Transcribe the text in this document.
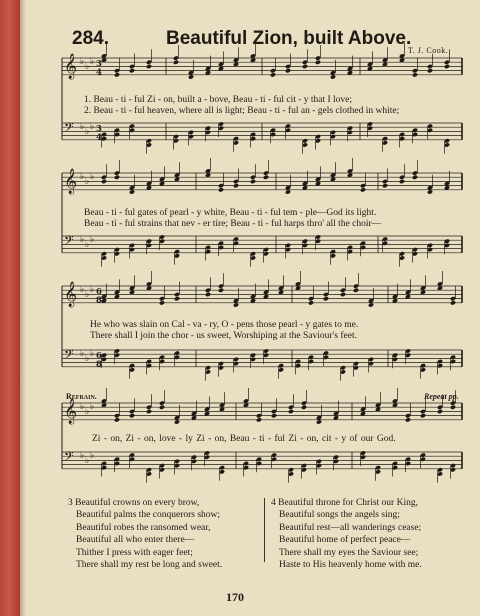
284.	Beautiful Zion, built Above.
T. J. Cook.
𝄞 ♭ ♭ ♭
𝄢 ♭ ♭ ♭
𝄞 ♭ ♭ ♭
𝄢 ♭ ♭ ♭
𝄞 ♭ ♭ ♭
𝄢 ♭ ♭ ♭
𝄞 ♭ ♭ ♭
𝄢 ♭ ♭ ♭
3
4
3
4
6
8
6
8
1. Beau - ti - ful Zi - on, built a - bove, Beau - ti - ful cit - y that I love;
2. Beau - ti - ful heaven, where all is light; Beau - ti - ful an - gels clothed in white;
Beau - ti - ful gates of pearl - y white, Beau - ti - ful tem - ple—God its light.
Beau - ti - ful strains that nev - er tire; Beau - ti - ful harps thro' all the choir—
He who was slain on Cal - va - ry, O - pens those pearl - y gates to me.
There shall I join the chor - us sweet, Worshiping at the Saviour's feet.
Refrain.	Repeat pp.
Zi - on, Zi - on, love - ly Zi - on, Beau - ti - ful Zi - on, cit - y of our God.
3 Beautiful crowns on every brow,
Beautiful palms the conquerors show;
Beautiful robes the ransomed wear,
Beautiful all who enter there—
Thither I press with eager feet;
There shall my rest be long and sweet.
4 Beautiful throne for Christ our King,
Beautiful songs the angels sing;
Beautiful rest—all wanderings cease;
Beautiful home of perfect peace—
There shall my eyes the Saviour see;
Haste to His heavenly home with me.
170
